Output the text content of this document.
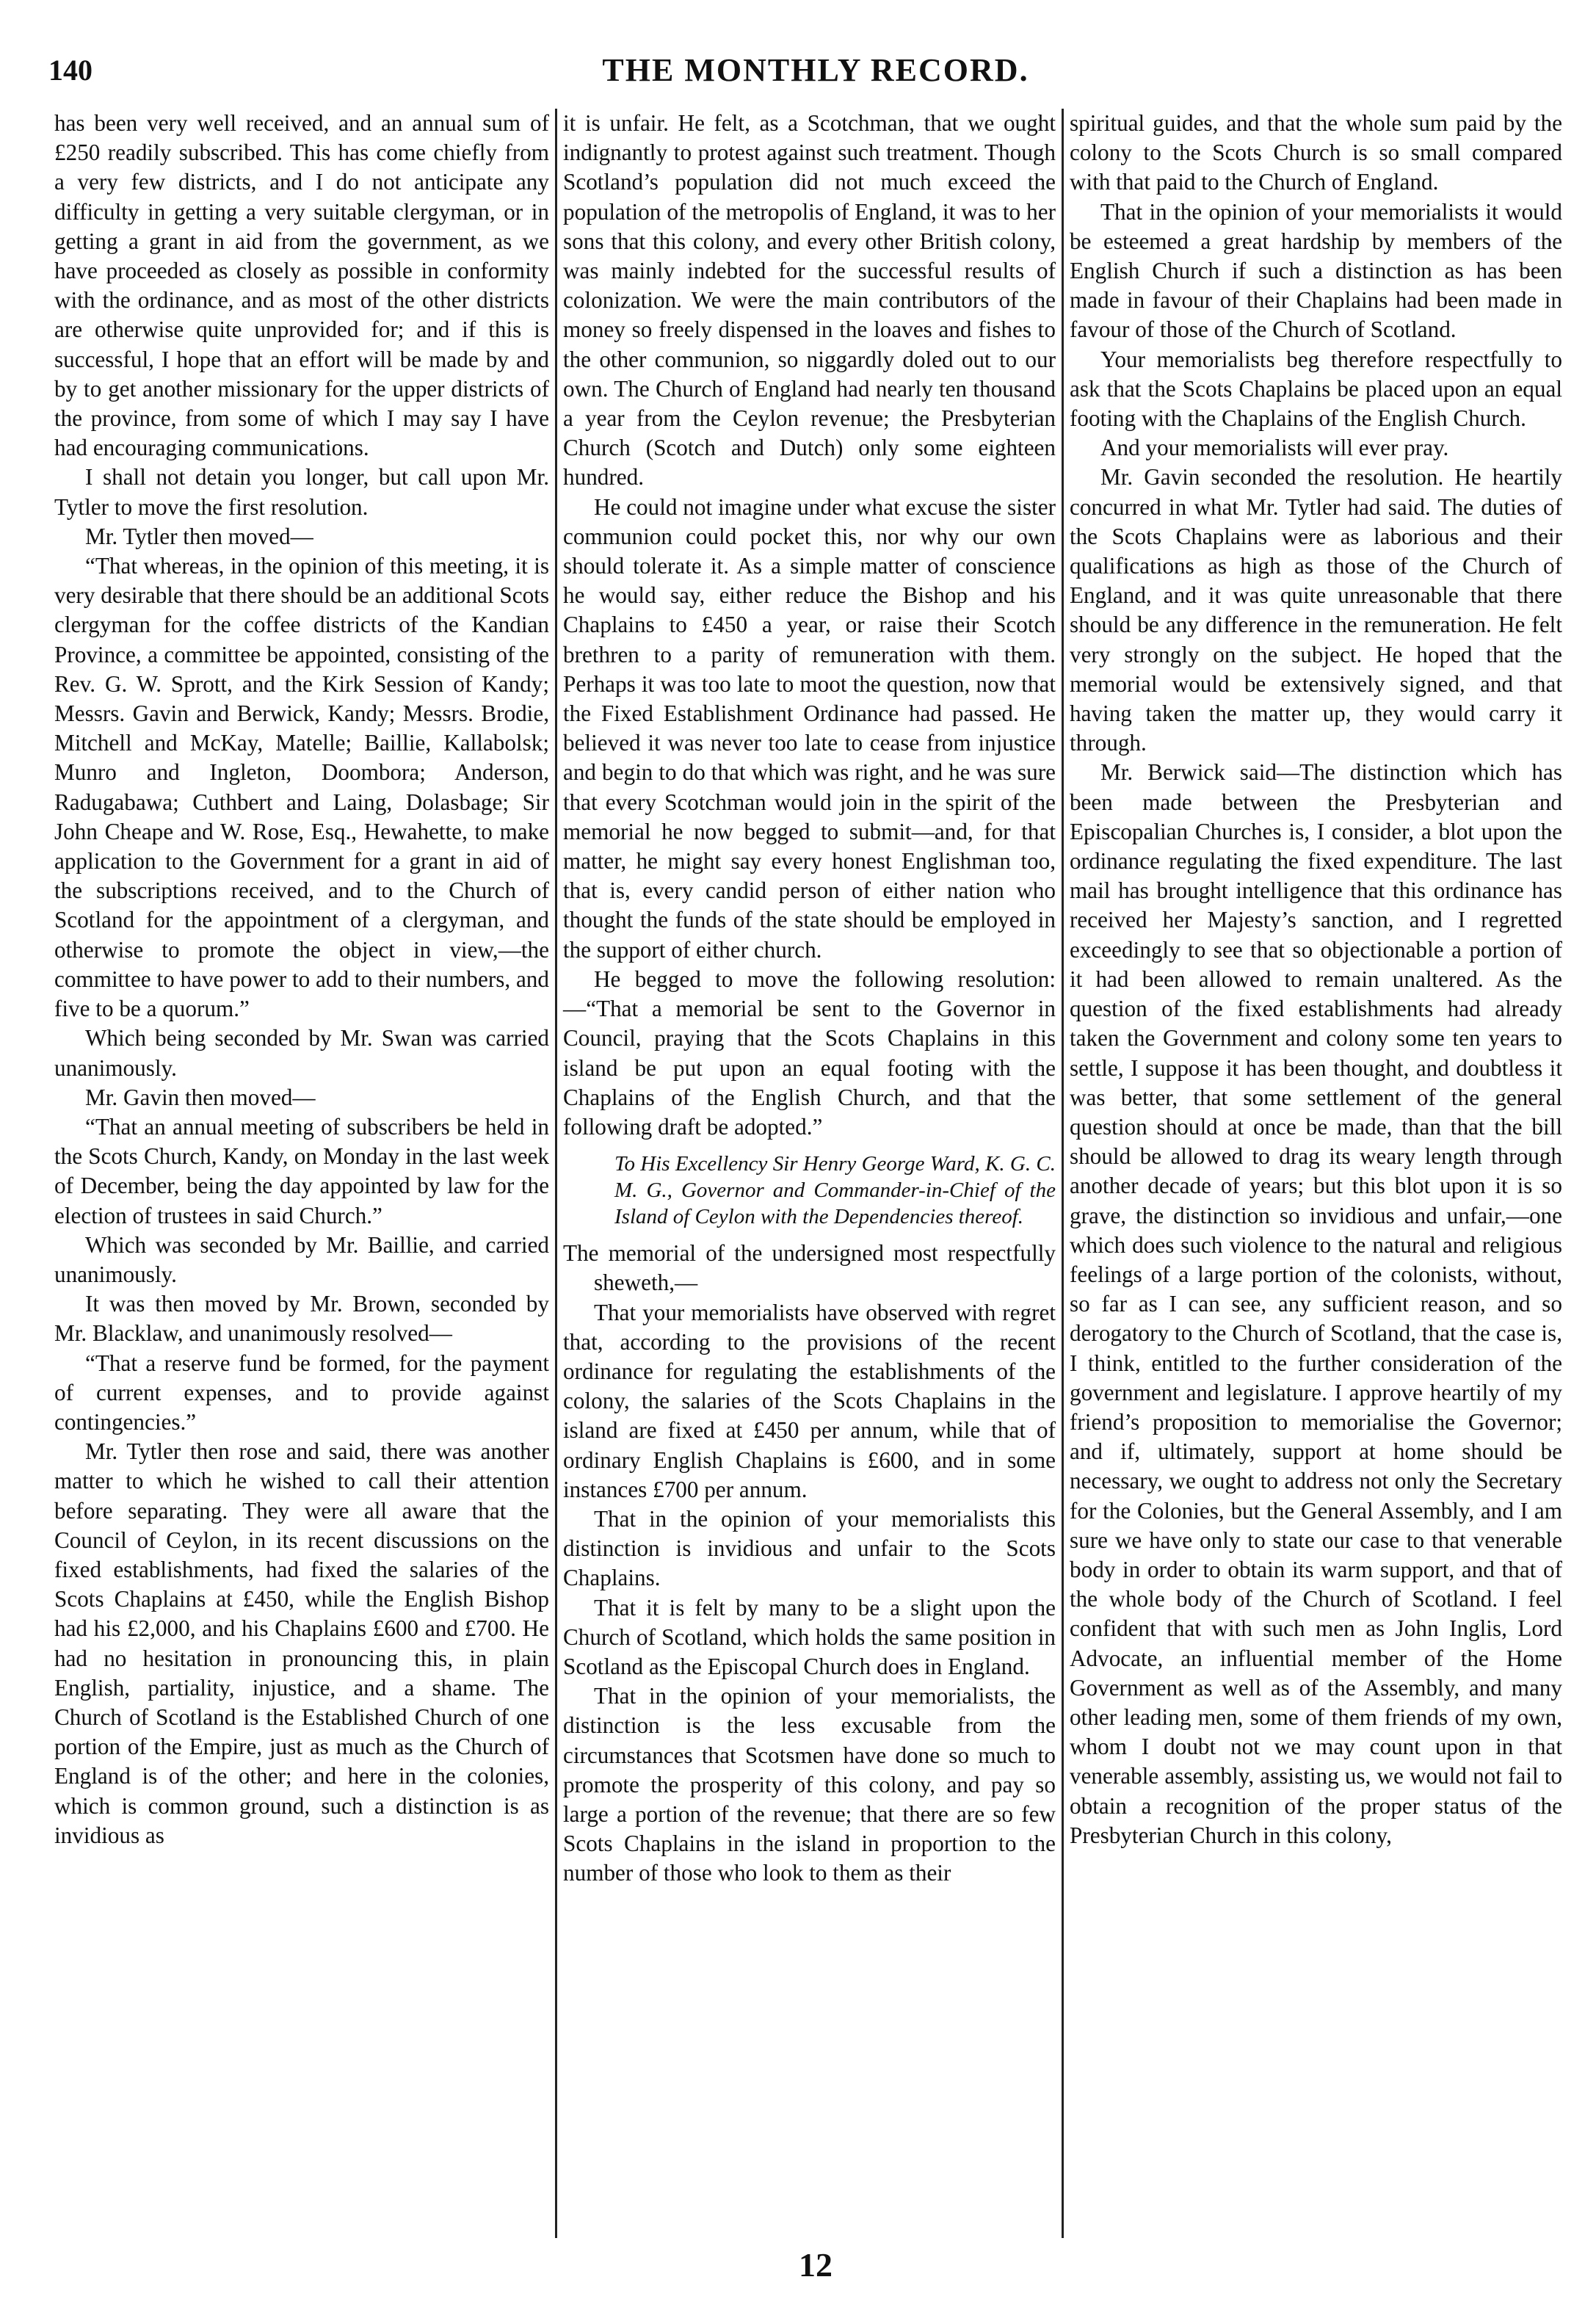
140	THE MONTHLY RECORD.

has been very well received, and an annual sum of £250 readily subscribed. This has come chiefly from a very few districts, and I do not anticipate any difficulty in getting a very suitable clergyman, or in getting a grant in aid from the government, as we have proceeded as closely as possible in conformity with the ordinance, and as most of the other districts are otherwise quite unprovided for; and if this is successful, I hope that an effort will be made by and by to get another missionary for the upper districts of the province, from some of which I may say I have had encouraging communications.

I shall not detain you longer, but call upon Mr. Tytler to move the first resolution.

Mr. Tytler then moved—

“That whereas, in the opinion of this meeting, it is very desirable that there should be an additional Scots clergyman for the coffee districts of the Kandian Province, a committee be appointed, consisting of the Rev. G. W. Sprott, and the Kirk Session of Kandy; Messrs. Gavin and Berwick, Kandy; Messrs. Brodie, Mitchell and McKay, Matelle; Baillie, Kallabolsk; Munro and Ingleton, Doombora; Anderson, Radugabawa; Cuthbert and Laing, Dolasbage; Sir John Cheape and W. Rose, Esq., Hewahette, to make application to the Government for a grant in aid of the subscriptions received, and to the Church of Scotland for the appointment of a clergyman, and otherwise to promote the object in view,—the committee to have power to add to their numbers, and five to be a quorum.”

Which being seconded by Mr. Swan was carried unanimously.

Mr. Gavin then moved—

“That an annual meeting of subscribers be held in the Scots Church, Kandy, on Monday in the last week of December, being the day appointed by law for the election of trustees in said Church.”

Which was seconded by Mr. Baillie, and carried unanimously.

It was then moved by Mr. Brown, seconded by Mr. Blacklaw, and unanimously resolved—

“That a reserve fund be formed, for the payment of current expenses, and to provide against contingencies.”

Mr. Tytler then rose and said, there was another matter to which he wished to call their attention before separating. They were all aware that the Council of Ceylon, in its recent discussions on the fixed establishments, had fixed the salaries of the Scots Chaplains at £450, while the English Bishop had his £2,000, and his Chaplains £600 and £700. He had no hesitation in pronouncing this, in plain English, partiality, injustice, and a shame. The Church of Scotland is the Established Church of one portion of the Empire, just as much as the Church of England is of the other; and here in the colonies, which is common ground, such a distinction is as invidious as

it is unfair. He felt, as a Scotchman, that we ought indignantly to protest against such treatment. Though Scotland’s population did not much exceed the population of the metropolis of England, it was to her sons that this colony, and every other British colony, was mainly indebted for the successful results of colonization. We were the main contributors of the money so freely dispensed in the loaves and fishes to the other communion, so niggardly doled out to our own. The Church of England had nearly ten thousand a year from the Ceylon revenue; the Presbyterian Church (Scotch and Dutch) only some eighteen hundred.

He could not imagine under what excuse the sister communion could pocket this, nor why our own should tolerate it. As a simple matter of conscience he would say, either reduce the Bishop and his Chaplains to £450 a year, or raise their Scotch brethren to a parity of remuneration with them. Perhaps it was too late to moot the question, now that the Fixed Establishment Ordinance had passed. He believed it was never too late to cease from injustice and begin to do that which was right, and he was sure that every Scotchman would join in the spirit of the memorial he now begged to submit—and, for that matter, he might say every honest Englishman too, that is, every candid person of either nation who thought the funds of the state should be employed in the support of either church.

He begged to move the following resolution:—“That a memorial be sent to the Governor in Council, praying that the Scots Chaplains in this island be put upon an equal footing with the Chaplains of the English Church, and that the following draft be adopted.”

To His Excellency Sir Henry George Ward, K. G. C. M. G., Governor and Commander-in-Chief of the Island of Ceylon with the Dependencies thereof.

The memorial of the undersigned most respectfully sheweth,—

That your memorialists have observed with regret that, according to the provisions of the recent ordinance for regulating the establishments of the colony, the salaries of the Scots Chaplains in the island are fixed at £450 per annum, while that of ordinary English Chaplains is £600, and in some instances £700 per annum.

That in the opinion of your memorialists this distinction is invidious and unfair to the Scots Chaplains.

That it is felt by many to be a slight upon the Church of Scotland, which holds the same position in Scotland as the Episcopal Church does in England.

That in the opinion of your memorialists, the distinction is the less excusable from the circumstances that Scotsmen have done so much to promote the prosperity of this colony, and pay so large a portion of the revenue; that there are so few Scots Chaplains in the island in proportion to the number of those who look to them as their

spiritual guides, and that the whole sum paid by the colony to the Scots Church is so small compared with that paid to the Church of England.

That in the opinion of your memorialists it would be esteemed a great hardship by members of the English Church if such a distinction as has been made in favour of their Chaplains had been made in favour of those of the Church of Scotland.

Your memorialists beg therefore respectfully to ask that the Scots Chaplains be placed upon an equal footing with the Chaplains of the English Church.

And your memorialists will ever pray.

Mr. Gavin seconded the resolution. He heartily concurred in what Mr. Tytler had said. The duties of the Scots Chaplains were as laborious and their qualifications as high as those of the Church of England, and it was quite unreasonable that there should be any difference in the remuneration. He felt very strongly on the subject. He hoped that the memorial would be extensively signed, and that having taken the matter up, they would carry it through.

Mr. Berwick said—The distinction which has been made between the Presbyterian and Episcopalian Churches is, I consider, a blot upon the ordinance regulating the fixed expenditure. The last mail has brought intelligence that this ordinance has received her Majesty’s sanction, and I regretted exceedingly to see that so objectionable a portion of it had been allowed to remain unaltered. As the question of the fixed establishments had already taken the Government and colony some ten years to settle, I suppose it has been thought, and doubtless it was better, that some settlement of the general question should at once be made, than that the bill should be allowed to drag its weary length through another decade of years; but this blot upon it is so grave, the distinction so invidious and unfair,—one which does such violence to the natural and religious feelings of a large portion of the colonists, without, so far as I can see, any sufficient reason, and so derogatory to the Church of Scotland, that the case is, I think, entitled to the further consideration of the government and legislature. I approve heartily of my friend’s proposition to memorialise the Governor; and if, ultimately, support at home should be necessary, we ought to address not only the Secretary for the Colonies, but the General Assembly, and I am sure we have only to state our case to that venerable body in order to obtain its warm support, and that of the whole body of the Church of Scotland. I feel confident that with such men as John Inglis, Lord Advocate, an influential member of the Home Government as well as of the Assembly, and many other leading men, some of them friends of my own, whom I doubt not we may count upon in that venerable assembly, assisting us, we would not fail to obtain a recognition of the proper status of the Presbyterian Church in this colony,

12
